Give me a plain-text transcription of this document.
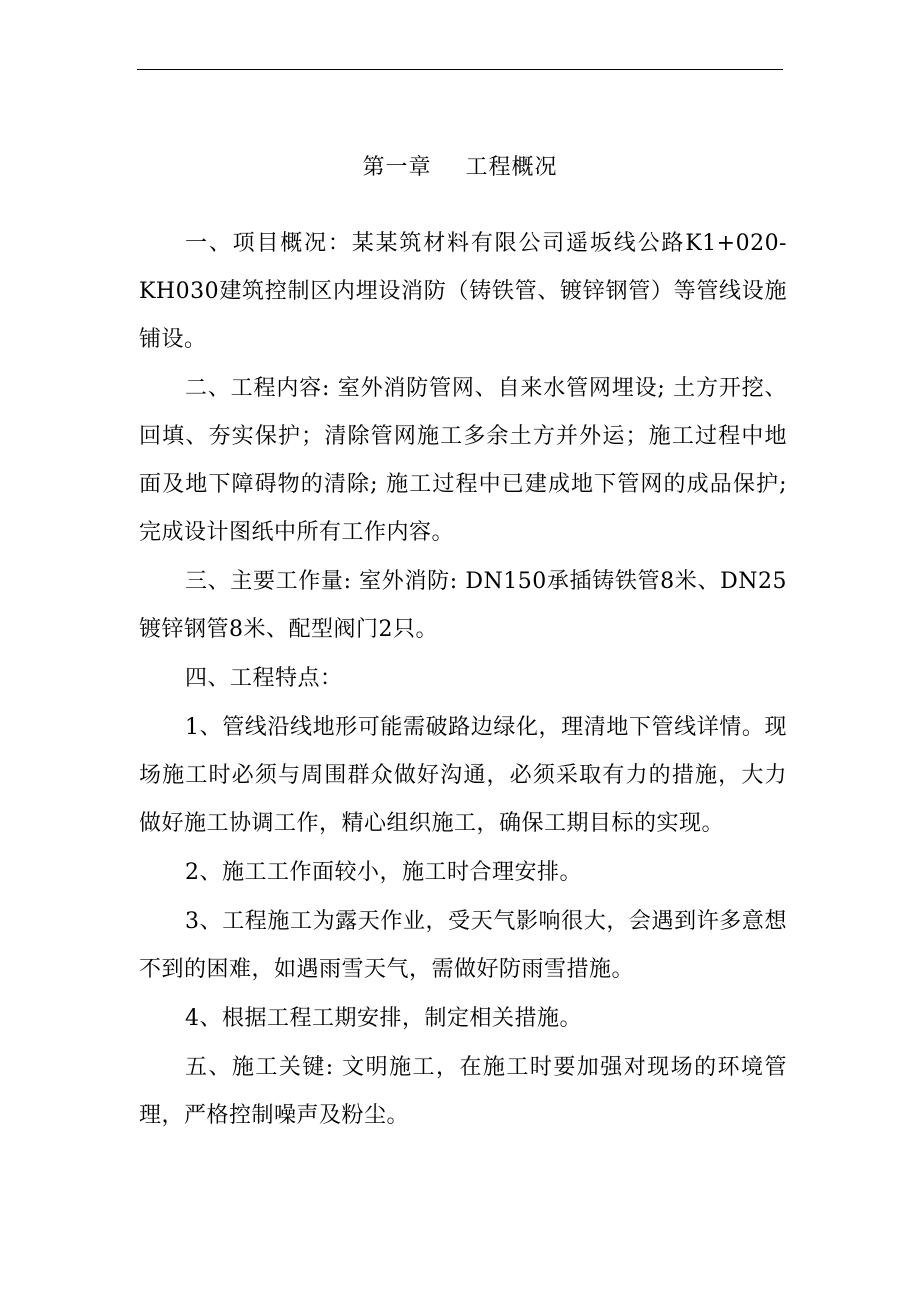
第一章 工程概况

一、项目概况：某某筑材料有限公司遥坂线公路K1+020-KH030建筑控制区内埋设消防（铸铁管、镀锌钢管）等管线设施铺设。

二、工程内容: 室外消防管网、自来水管网埋设; 土方开挖、回填、夯实保护；清除管网施工多余土方并外运；施工过程中地面及地下障碍物的清除; 施工过程中已建成地下管网的成品保护; 完成设计图纸中所有工作内容。

三、主要工作量: 室外消防: DN150承插铸铁管8米、DN25镀锌钢管8米、配型阀门2只。

四、工程特点：

1、管线沿线地形可能需破路边绿化，理清地下管线详情。现场施工时必须与周围群众做好沟通，必须采取有力的措施，大力做好施工协调工作，精心组织施工，确保工期目标的实现。

2、施工工作面较小，施工时合理安排。

3、工程施工为露天作业，受天气影响很大，会遇到许多意想不到的困难，如遇雨雪天气，需做好防雨雪措施。

4、根据工程工期安排，制定相关措施。

五、施工关键: 文明施工，在施工时要加强对现场的环境管理，严格控制噪声及粉尘。
